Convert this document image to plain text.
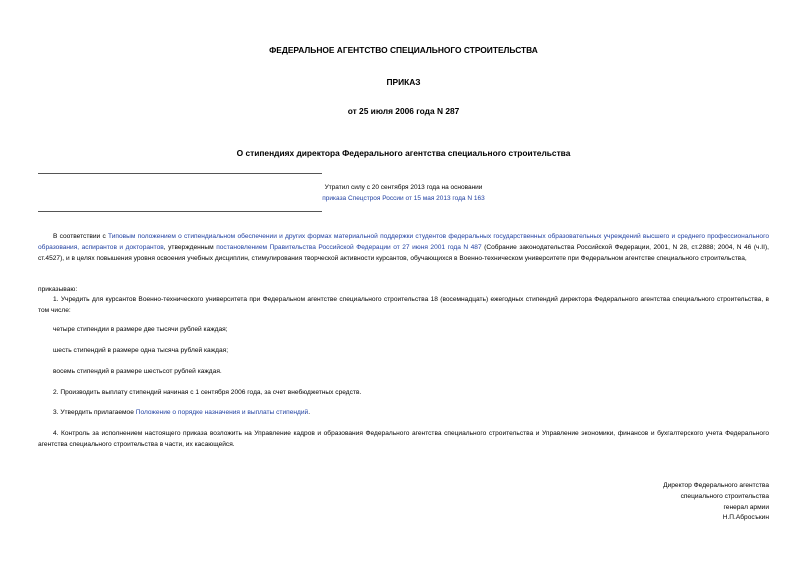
ФЕДЕРАЛЬНОЕ АГЕНТСТВО СПЕЦИАЛЬНОГО СТРОИТЕЛЬСТВА
ПРИКАЗ
от 25 июля 2006 года N 287
О стипендиях директора Федерального агентства специального строительства
Утратил силу с 20 сентября 2013 года на основании
приказа Спецстроя России от 15 мая 2013 года N 163

В соответствии с Типовым положением о стипендиальном обеспечении и других формах материальной поддержки студентов федеральных государственных образовательных учреждений высшего и среднего профессионального образования, аспирантов и докторантов, утвержденным постановлением Правительства Российской Федерации от 27 июня 2001 года N 487 (Собрание законодательства Российской Федерации, 2001, N 28, ст.2888; 2004, N 46 (ч.II), ст.4527), и в целях повышения уровня освоения учебных дисциплин, стимулирования творческой активности курсантов, обучающихся в Военно-техническом университете при Федеральном агентстве специального строительства,

приказываю:

1. Учредить для курсантов Военно-технического университета при Федеральном агентстве специального строительства 18 (восемнадцать) ежегодных стипендий директора Федерального агентства специального строительства, в том числе:

четыре стипендии в размере две тысячи рублей каждая;

шесть стипендий в размере одна тысяча рублей каждая;

восемь стипендий в размере шестьсот рублей каждая.

2. Производить выплату стипендий начиная с 1 сентября 2006 года, за счет внебюджетных средств.

3. Утвердить прилагаемое Положение о порядке назначения и выплаты стипендий.

4. Контроль за исполнением настоящего приказа возложить на Управление кадров и образования Федерального агентства специального строительства и Управление экономики, финансов и бухгалтерского учета Федерального агентства специального строительства в части, их касающейся.

Директор Федерального агентства
специального строительства
генерал армии
Н.П.Абросъкин
